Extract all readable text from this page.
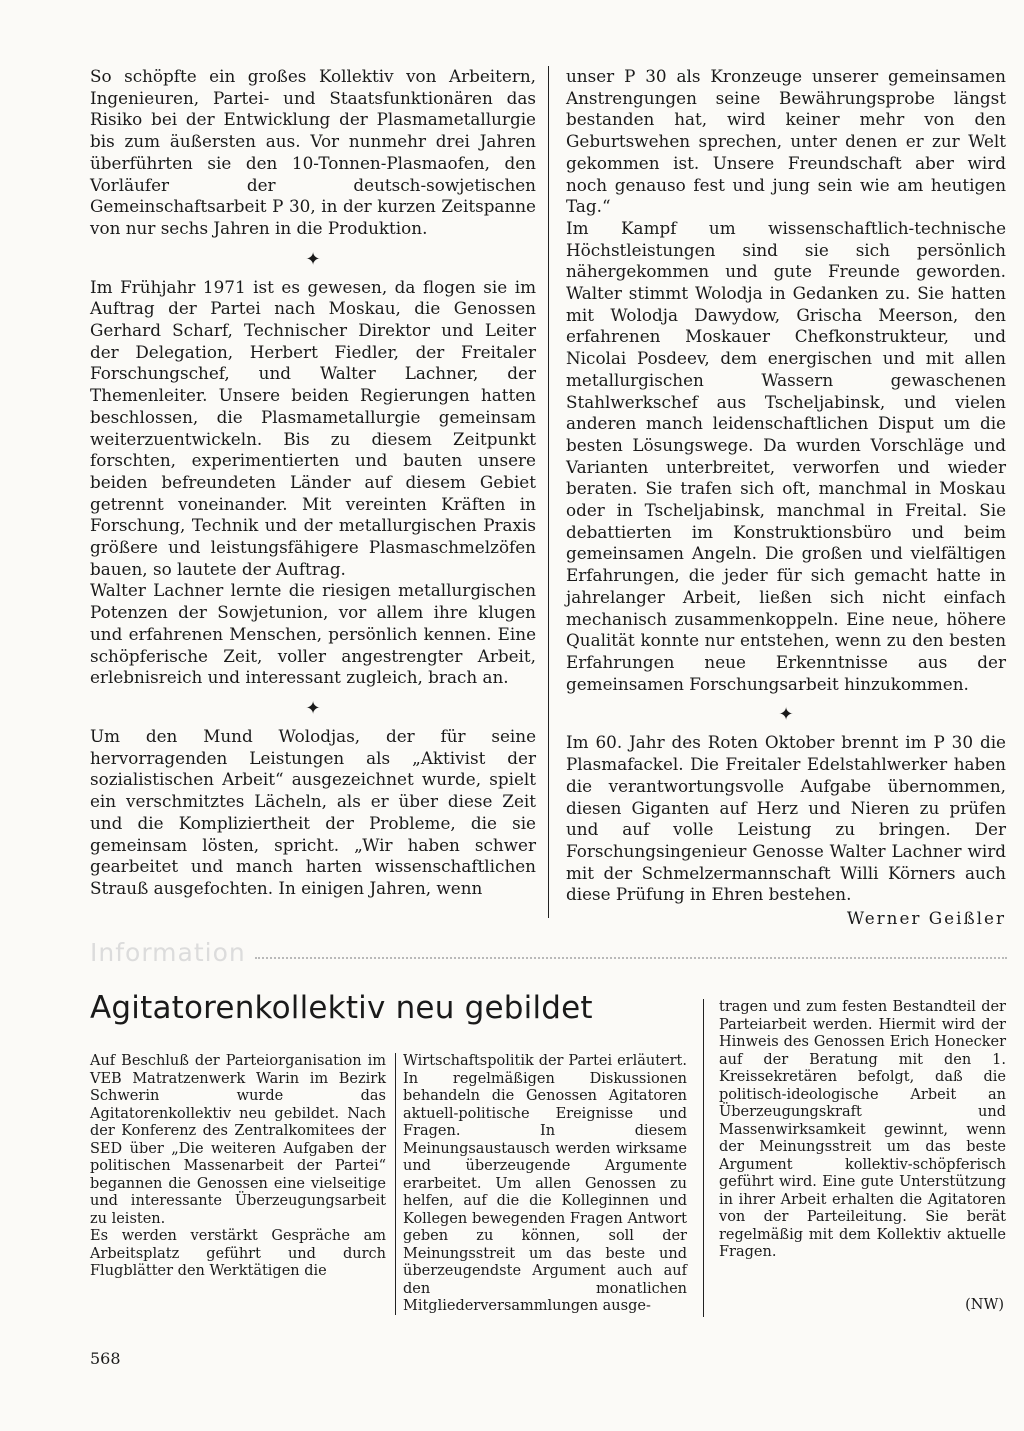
So schöpfte ein großes Kollektiv von Arbeitern, Ingenieuren, Partei- und Staatsfunktionären das Risiko bei der Entwicklung der Plasmametallurgie bis zum äußersten aus. Vor nunmehr drei Jahren überführten sie den 10-Tonnen-Plasmaofen, den Vorläufer der deutsch-sowjetischen Gemeinschaftsarbeit P 30, in der kurzen Zeitspanne von nur sechs Jahren in die Produktion.

✦

Im Frühjahr 1971 ist es gewesen, da flogen sie im Auftrag der Partei nach Moskau, die Genossen Gerhard Scharf, Technischer Direktor und Leiter der Delegation, Herbert Fiedler, der Freitaler Forschungschef, und Walter Lachner, der Themenleiter. Unsere beiden Regierungen hatten beschlossen, die Plasmametallurgie gemeinsam weiterzuentwickeln. Bis zu diesem Zeitpunkt forschten, experimentierten und bauten unsere beiden befreundeten Länder auf diesem Gebiet getrennt voneinander. Mit vereinten Kräften in Forschung, Technik und der metallurgischen Praxis größere und leistungsfähigere Plasmaschmelzöfen bauen, so lautete der Auftrag.

Walter Lachner lernte die riesigen metallurgischen Potenzen der Sowjetunion, vor allem ihre klugen und erfahrenen Menschen, persönlich kennen. Eine schöpferische Zeit, voller angestrengter Arbeit, erlebnisreich und interessant zugleich, brach an.

✦

Um den Mund Wolodjas, der für seine hervorragenden Leistungen als „Aktivist der sozialistischen Arbeit“ ausgezeichnet wurde, spielt ein verschmitztes Lächeln, als er über diese Zeit und die Kompliziertheit der Probleme, die sie gemeinsam lösten, spricht. „Wir haben schwer gearbeitet und manch harten wissenschaftlichen Strauß ausgefochten. In einigen Jahren, wenn

unser P 30 als Kronzeuge unserer gemeinsamen Anstrengungen seine Bewährungsprobe längst bestanden hat, wird keiner mehr von den Geburtswehen sprechen, unter denen er zur Welt gekommen ist. Unsere Freundschaft aber wird noch genauso fest und jung sein wie am heutigen Tag.“

Im Kampf um wissenschaftlich-technische Höchstleistungen sind sie sich persönlich nähergekommen und gute Freunde geworden. Walter stimmt Wolodja in Gedanken zu. Sie hatten mit Wolodja Dawydow, Grischa Meerson, den erfahrenen Moskauer Chefkonstrukteur, und Nicolai Posdeev, dem energischen und mit allen metallurgischen Wassern gewaschenen Stahlwerkschef aus Tscheljabinsk, und vielen anderen manch leidenschaftlichen Disput um die besten Lösungswege. Da wurden Vorschläge und Varianten unterbreitet, verworfen und wieder beraten. Sie trafen sich oft, manchmal in Moskau oder in Tscheljabinsk, manchmal in Freital. Sie debattierten im Konstruktionsbüro und beim gemeinsamen Angeln. Die großen und vielfältigen Erfahrungen, die jeder für sich gemacht hatte in jahrelanger Arbeit, ließen sich nicht einfach mechanisch zusammenkoppeln. Eine neue, höhere Qualität konnte nur entstehen, wenn zu den besten Erfahrungen neue Erkenntnisse aus der gemeinsamen Forschungsarbeit hinzukommen.

✦

Im 60. Jahr des Roten Oktober brennt im P 30 die Plasmafackel. Die Freitaler Edelstahlwerker haben die verantwortungsvolle Aufgabe übernommen, diesen Giganten auf Herz und Nieren zu prüfen und auf volle Leistung zu bringen. Der Forschungsingenieur Genosse Walter Lachner wird mit der Schmelzermannschaft Willi Körners auch diese Prüfung in Ehren bestehen.

Werner Geißler
Information
Agitatorenkollektiv neu gebildet

Auf Beschluß der Parteiorganisation im VEB Matratzenwerk Warin im Bezirk Schwerin wurde das Agitatorenkollektiv neu gebildet. Nach der Konferenz des Zentralkomitees der SED über „Die weiteren Aufgaben der politischen Massenarbeit der Partei“ begannen die Genossen eine vielseitige und interessante Überzeugungsarbeit zu leisten.

Es werden verstärkt Gespräche am Arbeitsplatz geführt und durch Flugblätter den Werktätigen die

Wirtschaftspolitik der Partei erläutert. In regelmäßigen Diskussionen behandeln die Genossen Agitatoren aktuell-politische Ereignisse und Fragen. In diesem Meinungsaustausch werden wirksame und überzeugende Argumente erarbeitet. Um allen Genossen zu helfen, auf die die Kolleginnen und Kollegen bewegenden Fragen Antwort geben zu können, soll der Meinungsstreit um das beste und überzeugendste Argument auch auf den monatlichen Mitgliederversammlungen ausge-

tragen und zum festen Bestandteil der Parteiarbeit werden. Hiermit wird der Hinweis des Genossen Erich Honecker auf der Beratung mit den 1. Kreissekretären befolgt, daß die politisch-ideologische Arbeit an Überzeugungskraft und Massenwirksamkeit gewinnt, wenn der Meinungsstreit um das beste Argument kollektiv-schöpferisch geführt wird. Eine gute Unterstützung in ihrer Arbeit erhalten die Agitatoren von der Parteileitung. Sie berät regelmäßig mit dem Kollektiv aktuelle Fragen.

(NW)
568
